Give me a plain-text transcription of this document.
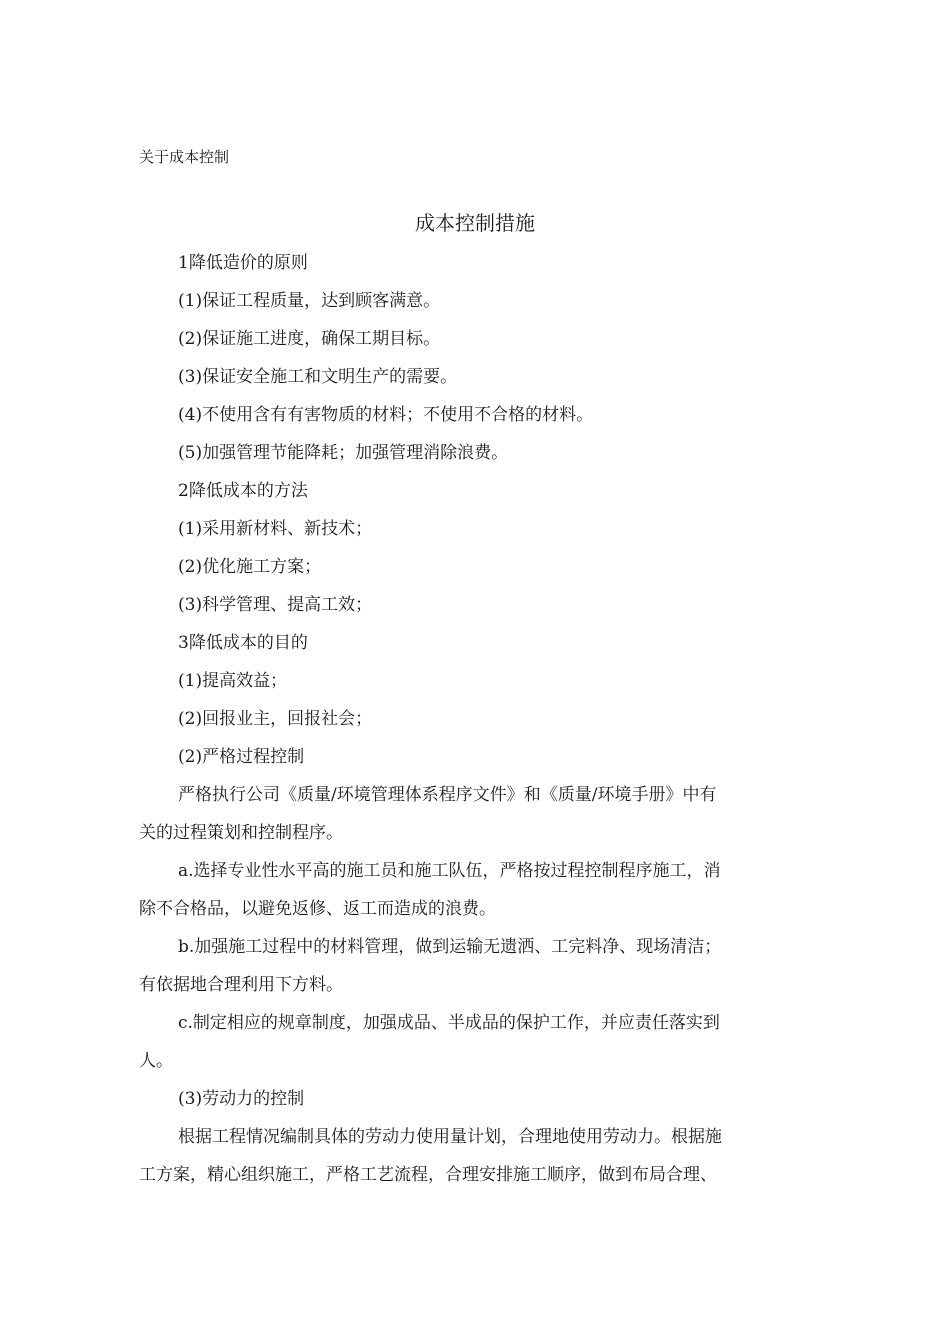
关于成本控制
成本控制措施
1降低造价的原则
(1)保证工程质量，达到顾客满意。
(2)保证施工进度，确保工期目标。
(3)保证安全施工和文明生产的需要。
(4)不使用含有有害物质的材料；不使用不合格的材料。
(5)加强管理节能降耗；加强管理消除浪费。
2降低成本的方法
(1)采用新材料、新技术；
(2)优化施工方案；
(3)科学管理、提高工效；
3降低成本的目的
(1)提高效益；
(2)回报业主，回报社会；
(2)严格过程控制
严格执行公司《质量/环境管理体系程序文件》和《质量/环境手册》中有
关的过程策划和控制程序。
a.选择专业性水平高的施工员和施工队伍，严格按过程控制程序施工，消
除不合格品，以避免返修、返工而造成的浪费。
b.加强施工过程中的材料管理，做到运输无遗洒、工完料净、现场清洁；
有依据地合理利用下方料。
c.制定相应的规章制度，加强成品、半成品的保护工作，并应责任落实到
人。
(3)劳动力的控制
根据工程情况编制具体的劳动力使用量计划，合理地使用劳动力。根据施
工方案，精心组织施工，严格工艺流程，合理安排施工顺序，做到布局合理、
